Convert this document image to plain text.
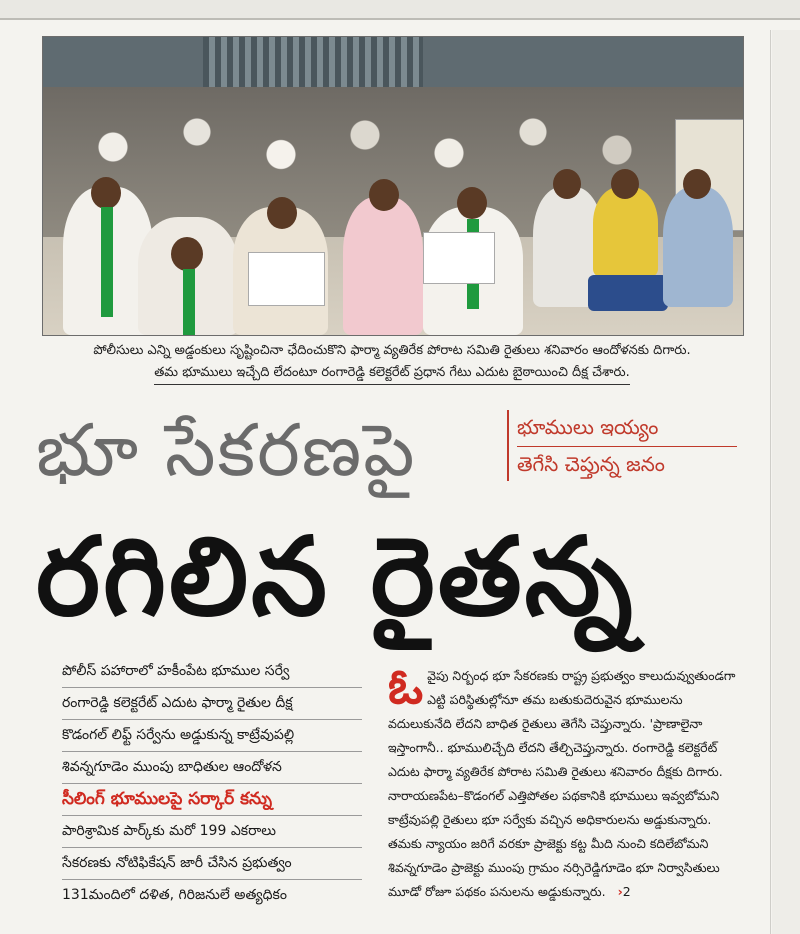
పోలీసులు ఎన్ని అడ్డంకులు సృష్టించినా ఛేదించుకొని ఫార్మా వ్యతిరేక పోరాట సమితి రైతులు శనివారం ఆందోళనకు దిగారు.
తమ భూములు ఇచ్చేది లేదంటూ రంగారెడ్డి కలెక్టరేట్ ప్రధాన గేటు ఎదుట బైఠాయించి దీక్ష చేశారు.
భూ సేకరణపై	భూములు ఇయ్యం
తెగేసి చెప్తున్న జనం
రగిలిన రైతన్న
పోలీస్ పహారాలో హకీంపేట భూముల సర్వే
రంగారెడ్డి కలెక్టరేట్ ఎదుట ఫార్మా రైతుల దీక్ష
కొడంగల్ లిఫ్ట్ సర్వేను అడ్డుకున్న కాట్రేవుపల్లి
శివన్నగూడెం ముంపు బాధితుల ఆందోళన
సీలింగ్ భూములపై సర్కార్ కన్ను
పారిశ్రామిక పార్క్‌కు మరో 199 ఎకరాలు
సేకరణకు నోటిఫికేషన్ జారీ చేసిన ప్రభుత్వం
131మందిలో దళిత, గిరిజనులే అత్యధికం
ఓ వైపు నిర్బంధ భూ సేకరణకు రాష్ట్ర ప్రభుత్వం కాలుదువ్వుతుండగా ఎట్టి పరిస్థితుల్లోనూ తమ బతుకుదెరువైన భూములను వదులుకునేది లేదని బాధిత రైతులు తెగేసి చెప్తున్నారు. 'ప్రాణాలైనా ఇస్తాంగానీ.. భూములిచ్చేది లేదని తేల్చిచెప్తున్నారు. రంగారెడ్డి కలెక్టరేట్ ఎదుట ఫార్మా వ్యతిరేక పోరాట సమితి రైతులు శనివారం దీక్షకు దిగారు. నారాయణపేట–కొడంగల్ ఎత్తిపోతల పథకానికి భూములు ఇవ్వబోమని కాట్రేవుపల్లి రైతులు భూ సర్వేకు వచ్చిన అధికారులను అడ్డుకున్నారు. తమకు న్యాయం జరిగే వరకూ ప్రాజెక్టు కట్ట మీది నుంచి కదిలేబోమని శివన్నగూడెం ప్రాజెక్టు ముంపు గ్రామం నర్సిరెడ్డిగూడెం భూ నిర్వాసితులు మూడో రోజూ పథకం పనులను అడ్డుకున్నారు. ›2
